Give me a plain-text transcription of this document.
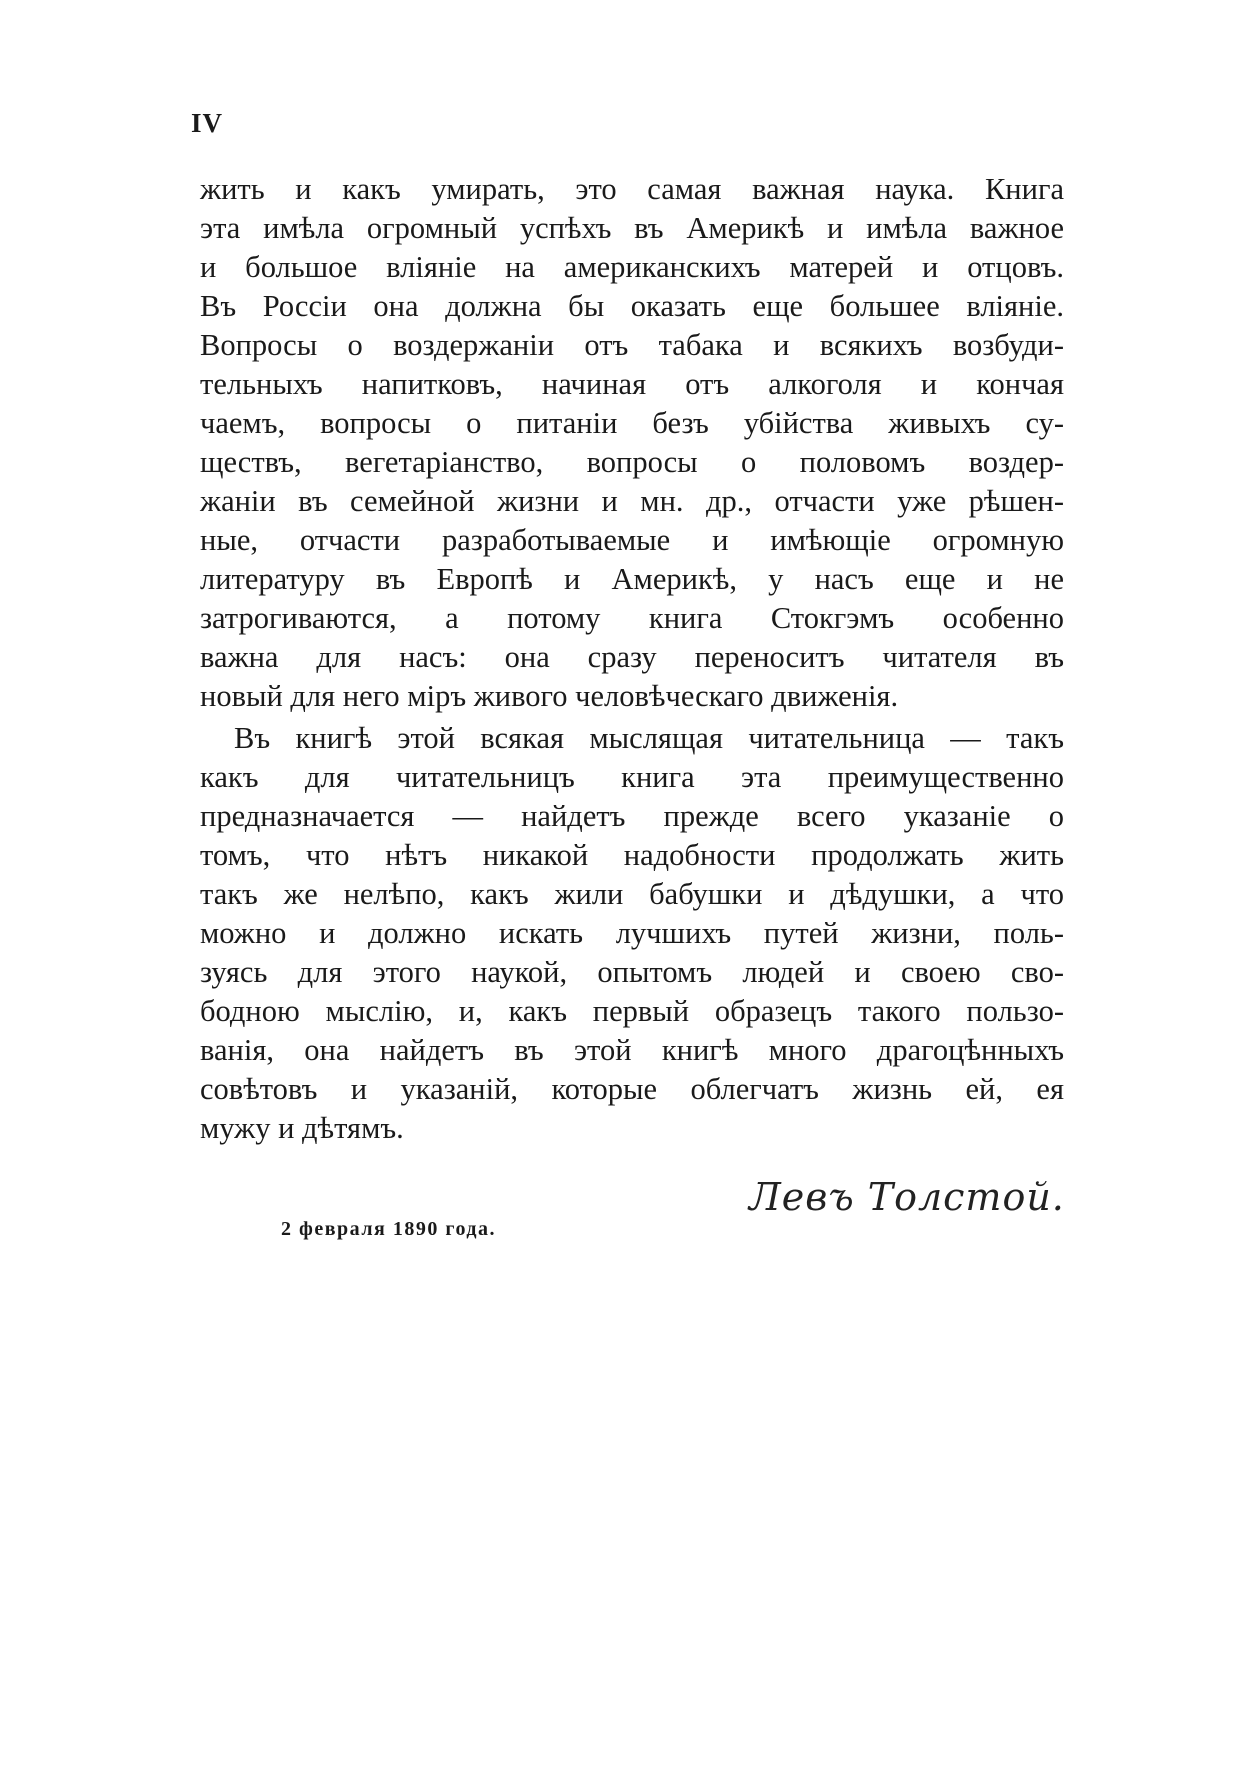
IV
жить и какъ умирать, это самая важная наука. Книга
эта имѣла огромный успѣхъ въ Америкѣ и имѣла важное
и большое вліяніе на американскихъ матерей и отцовъ.
Въ Россіи она должна бы оказать еще большее вліяніе.
Вопросы о воздержаніи отъ табака и всякихъ возбуди-
тельныхъ напитковъ, начиная отъ алкоголя и кончая
чаемъ, вопросы о питаніи безъ убійства живыхъ су-
ществъ, вегетаріанство, вопросы о половомъ воздер-
жаніи въ семейной жизни и мн. др., отчасти уже рѣшен-
ные, отчасти разработываемые и имѣющіе огромную
литературу въ Европѣ и Америкѣ, у насъ еще и не
затрогиваются, а потому книга Стокгэмъ особенно
важна для насъ: она сразу переноситъ читателя въ
новый для него міръ живого человѣческаго движенія.
Въ книгѣ этой всякая мыслящая читательница — такъ
какъ для читательницъ книга эта преимущественно
предназначается — найдетъ прежде всего указаніе о
томъ, что нѣтъ никакой надобности продолжать жить
такъ же нелѣпо, какъ жили бабушки и дѣдушки, а что
можно и должно искать лучшихъ путей жизни, поль-
зуясь для этого наукой, опытомъ людей и своею сво-
бодною мыслію, и, какъ первый образецъ такого пользо-
ванія, она найдетъ въ этой книгѣ много драгоцѣнныхъ
совѣтовъ и указаній, которые облегчатъ жизнь ей, ея
мужу и дѣтямъ.
Левъ Толстой.
2 февраля 1890 года.
